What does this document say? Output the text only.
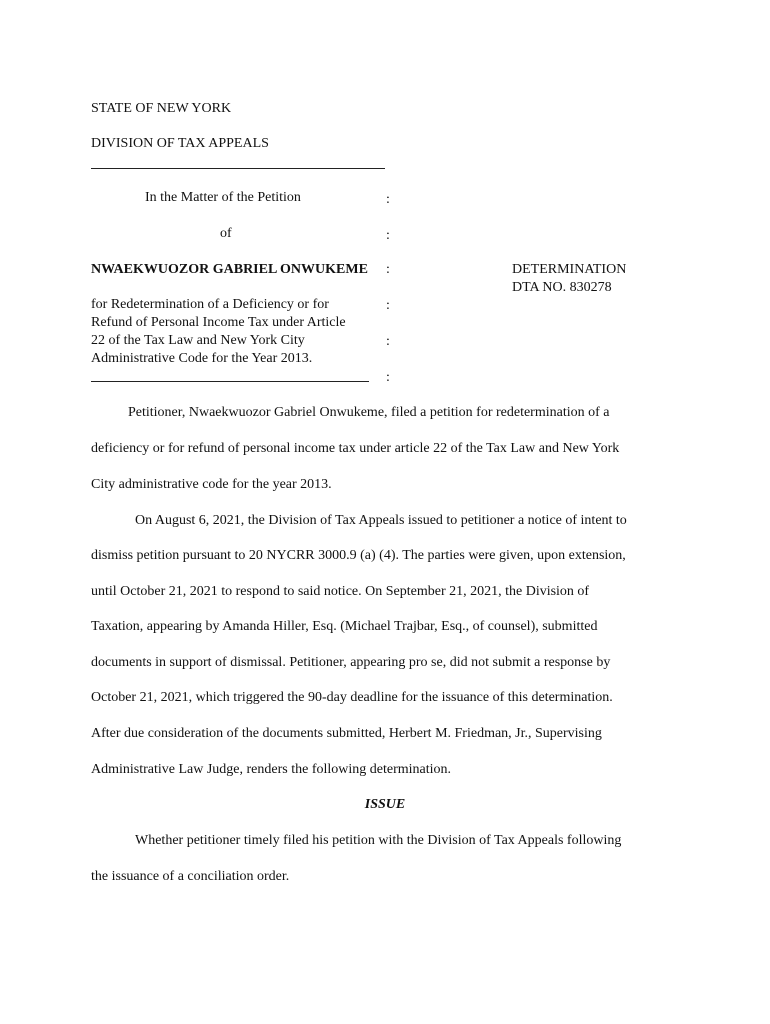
STATE OF NEW YORK
DIVISION OF TAX APPEALS
In the Matter of the Petition	:
of	:
NWAEKWUOZOR GABRIEL ONWUKEME :	DETERMINATION
DTA NO. 830278
for Redetermination of a Deficiency or for	:
Refund of Personal Income Tax under Article
22 of the Tax Law and New York City	:
Administrative Code for the Year 2013.
:
Petitioner, Nwaekwuozor Gabriel Onwukeme, filed a petition for redetermination of a
deficiency or for refund of personal income tax under article 22 of the Tax Law and New York
City administrative code for the year 2013.
On August 6, 2021, the Division of Tax Appeals issued to petitioner a notice of intent to
dismiss petition pursuant to 20 NYCRR 3000.9 (a) (4). The parties were given, upon extension,
until October 21, 2021 to respond to said notice. On September 21, 2021, the Division of
Taxation, appearing by Amanda Hiller, Esq. (Michael Trajbar, Esq., of counsel), submitted
documents in support of dismissal. Petitioner, appearing pro se, did not submit a response by
October 21, 2021, which triggered the 90-day deadline for the issuance of this determination.
After due consideration of the documents submitted, Herbert M. Friedman, Jr., Supervising
Administrative Law Judge, renders the following determination.
ISSUE
Whether petitioner timely filed his petition with the Division of Tax Appeals following
the issuance of a conciliation order.
